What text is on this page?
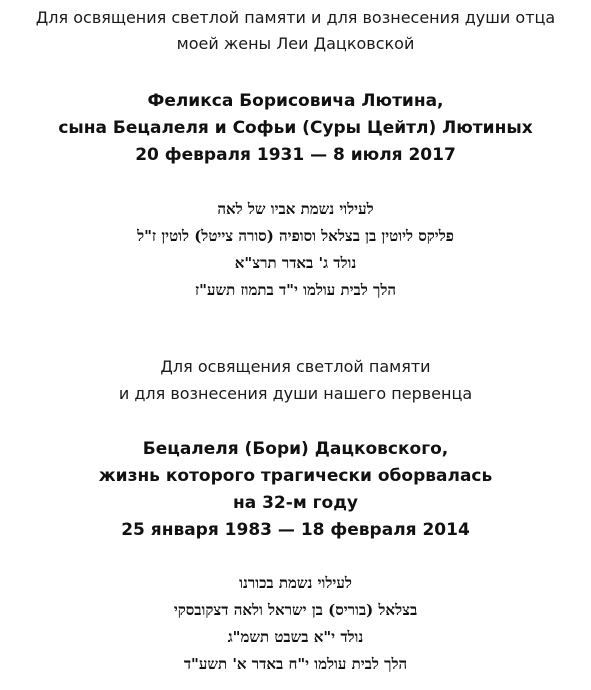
Для освящения светлой памяти и для вознесения души отца
моей жены Леи Дацковской
Феликса Борисовича Лютина,
сына Бецалеля и Софьи (Суры Цейтл) Лютиных
20 февраля 1931 — 8 июля 2017
לעילוי נשמת אביו של לאה
פליקס ליוטין בן בצלאל וסופיה (סורה צייטל) לוטין ז"ל
נולד ג' באדר תרצ"א
הלך לבית עולמו י"ד בתמוז תשע"ז
Для освящения светлой памяти
и для вознесения души нашего первенца
Бецалеля (Бори) Дацковского,
жизнь которого трагически оборвалась
на 32-м году
25 января 1983 — 18 февраля 2014
לעילוי נשמת בכורנו
בצלאל (בוריס) בן ישראל ולאה דצקובסקי
נולד י"א בשבט תשמ"ג
הלך לבית עולמו י"ח באדר א' תשע"ד
